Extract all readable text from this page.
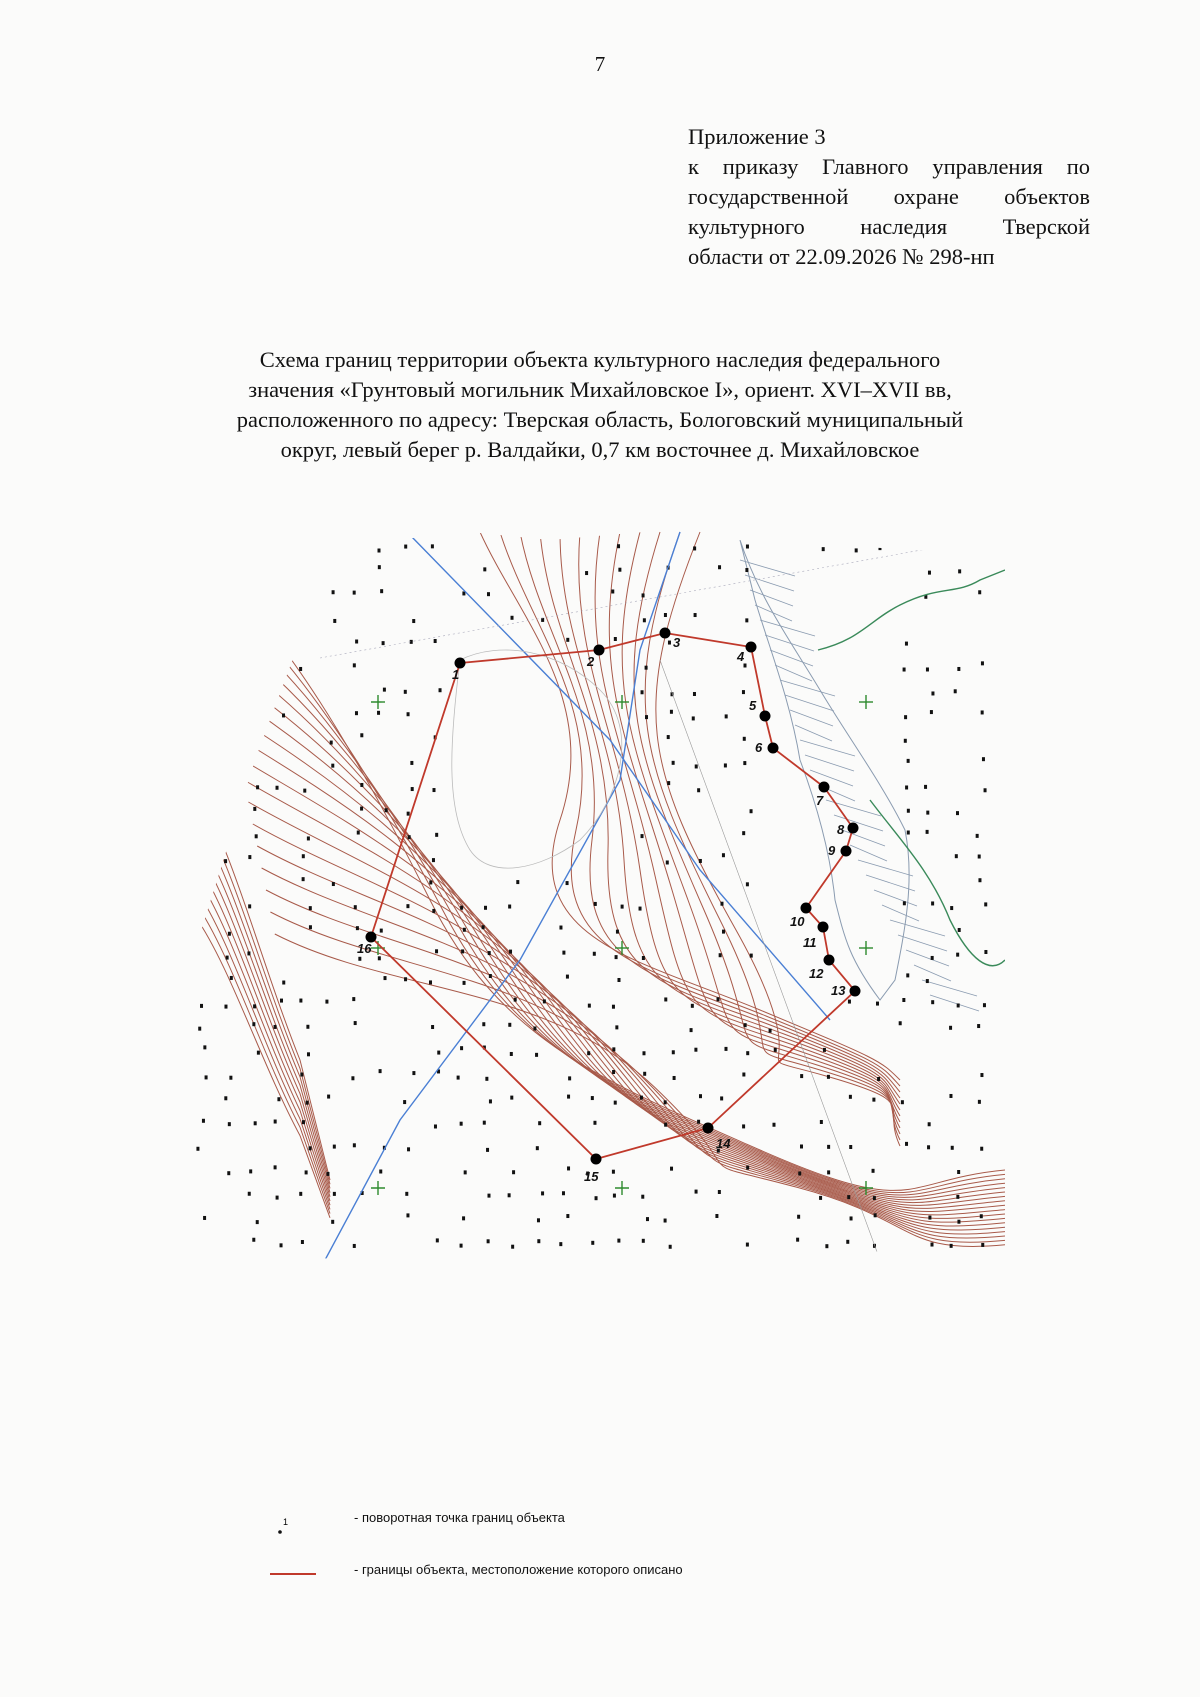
7
Приложение 3
к приказу Главного управления по
государственной охране объектов
культурного наследия Тверской
области от 22.09.2026 № 298-нп
Схема границ территории объекта культурного наследия федерального
значения «Грунтовый могильник Михайловское I», ориент. XVI–XVII вв,
расположенного по адресу: Тверская область, Бологовский муниципальный
округ, левый берег р. Валдайки, 0,7 км восточнее д. Михайловское
1
2
3
4
5
6
7
8
9
10
11
12
13
14
15
16
1	- поворотная точка границ объекта
- границы объекта, местоположение которого описано
